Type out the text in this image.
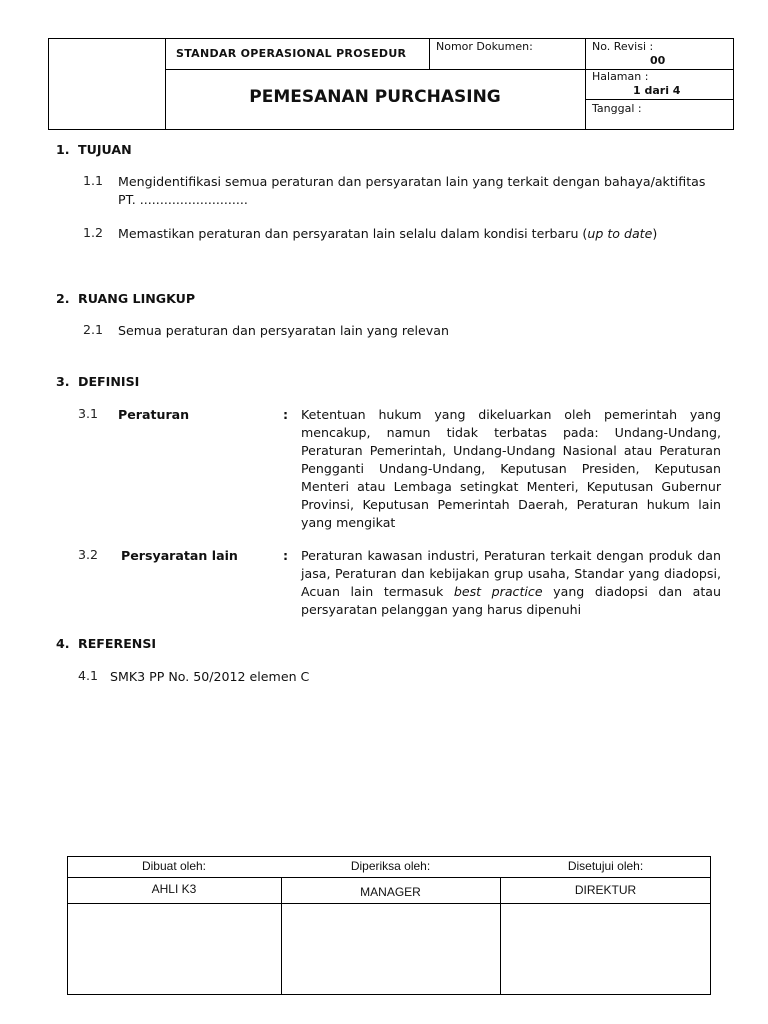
STANDAR OPERASIONAL PROSEDUR
PEMESANAN PURCHASING
Nomor Dokumen:	No. Revisi :
00
Halaman :
1 dari 4
Tanggal :
1. TUJUAN
1.1 Mengidentifikasi semua peraturan dan persyaratan lain yang terkait dengan bahaya/aktifitas PT. ...........................
1.2 Memastikan peraturan dan persyaratan lain selalu dalam kondisi terbaru (up to date)
2. RUANG LINGKUP
2.1 Semua peraturan dan persyaratan lain yang relevan
3. DEFINISI
3.1 Peraturan	: Ketentuan hukum yang dikeluarkan oleh pemerintah yang mencakup, namun tidak terbatas pada: Undang-Undang, Peraturan Pemerintah, Undang-Undang Nasional atau Peraturan Pengganti Undang-Undang, Keputusan Presiden, Keputusan Menteri atau Lembaga setingkat Menteri, Keputusan Gubernur Provinsi, Keputusan Pemerintah Daerah, Peraturan hukum lain yang mengikat
3.2 Persyaratan lain	: Peraturan kawasan industri, Peraturan terkait dengan produk dan jasa, Peraturan dan kebijakan grup usaha, Standar yang diadopsi, Acuan lain termasuk best practice yang diadopsi dan atau persyaratan pelanggan yang harus dipenuhi
4. REFERENSI
4.1 SMK3 PP No. 50/2012 elemen C
Dibuat oleh:	Diperiksa oleh:	Disetujui oleh:
AHLI K3	MANAGER	DIREKTUR
